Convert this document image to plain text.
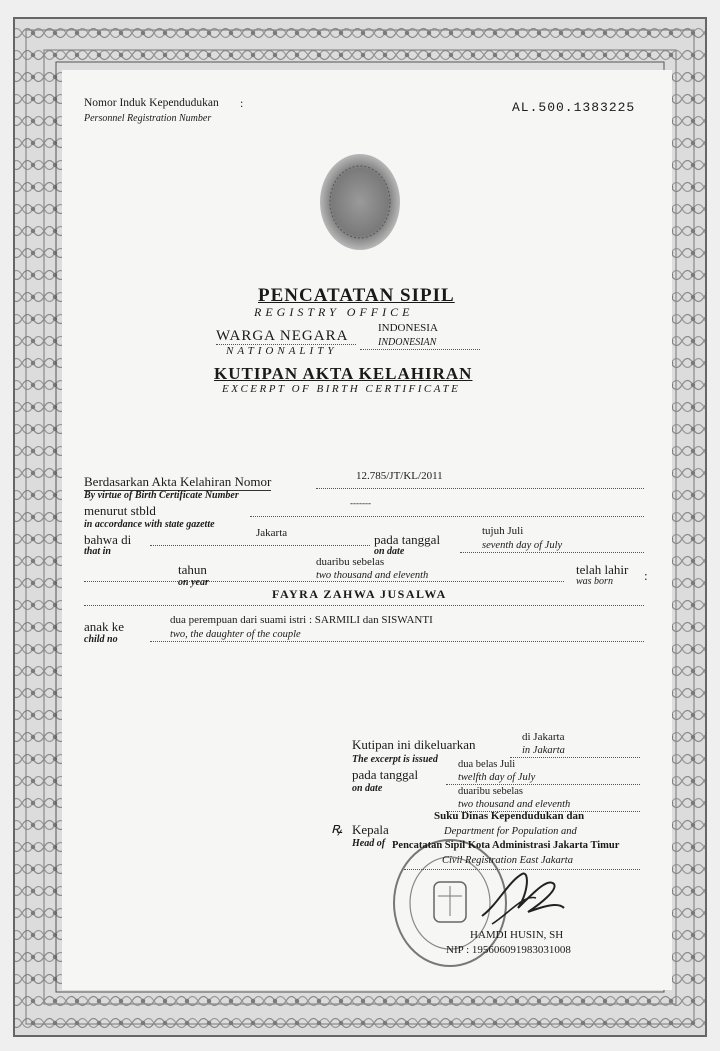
Nomor Induk Kependudukan :
Personnel Registration Number
AL.500.1383225
PENCATATAN SIPIL
REGISTRY OFFICE
WARGA NEGARA
NATIONALITY
INDONESIA
INDONESIAN
KUTIPAN AKTA KELAHIRAN
EXCERPT OF BIRTH CERTIFICATE
Berdasarkan Akta Kelahiran Nomor
By virtue of Birth Certificate Number
12.785/JT/KL/2011
menurut stbld
in accordance with state gazette
-------
bahwa di
that in
Jakarta	pada tanggal
on date
tujuh Juli
seventh day of July
tahun
on year
duaribu sebelas
two thousand and eleventh	telah lahir
was born :
FAYRA ZAHWA JUSALWA
anak ke
child no
dua perempuan dari suami istri : SARMILI dan SISWANTI
two, the daughter of the couple
Kutipan ini dikeluarkan
The excerpt is issued
di Jakarta
in Jakarta
pada tanggal
on date
dua belas Juli
twelfth day of July
duaribu sebelas
two thousand and eleventh
ꝶ Kepala
Head of
Suku Dinas Kependudukan dan
Department for Population and
Pencatatan Sipil Kota Administrasi Jakarta Timur
Civil Registration East Jakarta
HAMDI HUSIN, SH
NIP : 195606091983031008
